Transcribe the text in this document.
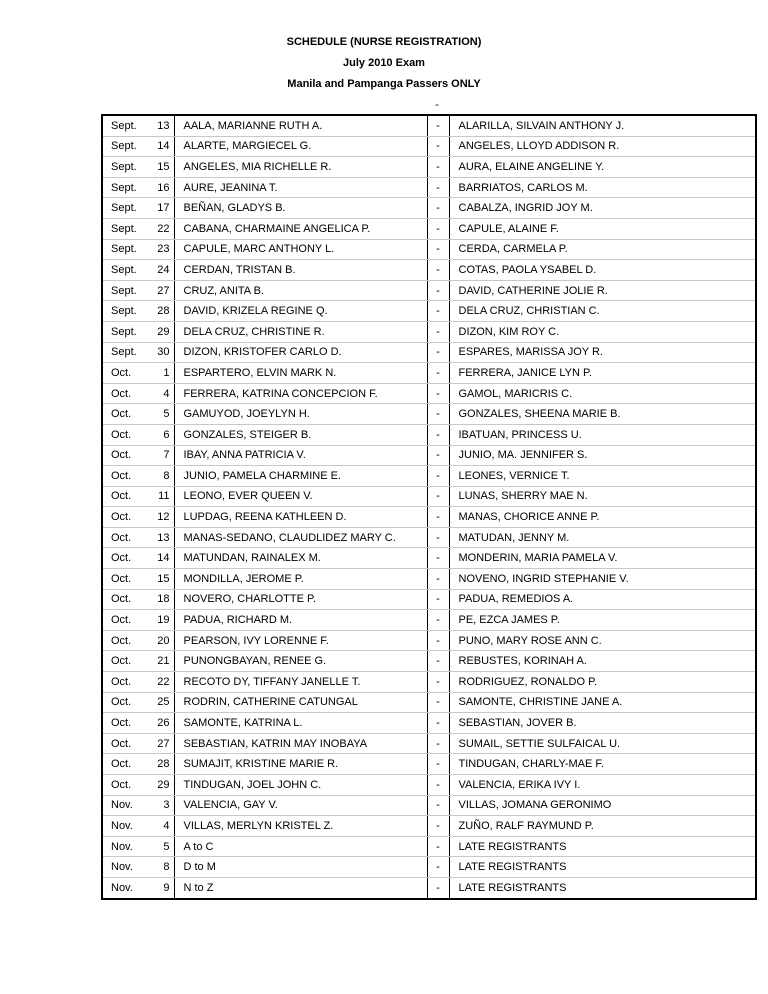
SCHEDULE (NURSE REGISTRATION)
July 2010 Exam
Manila and Pampanga Passers ONLY
-
Sept.	13	AALA, MARIANNE RUTH A.	-	ALARILLA, SILVAIN ANTHONY J.
Sept.	14	ALARTE, MARGIECEL G.	-	ANGELES, LLOYD ADDISON R.
Sept.	15	ANGELES, MIA RICHELLE R.	-	AURA, ELAINE ANGELINE Y.
Sept.	16	AURE, JEANINA T.	-	BARRIATOS, CARLOS M.
Sept.	17	BEÑAN, GLADYS B.	-	CABALZA, INGRID JOY M.
Sept.	22	CABANA, CHARMAINE ANGELICA P.	-	CAPULE, ALAINE F.
Sept.	23	CAPULE, MARC ANTHONY L.	-	CERDA, CARMELA P.
Sept.	24	CERDAN, TRISTAN B.	-	COTAS, PAOLA YSABEL D.
Sept.	27	CRUZ, ANITA B.	-	DAVID, CATHERINE JOLIE R.
Sept.	28	DAVID, KRIZELA REGINE Q.	-	DELA CRUZ, CHRISTIAN C.
Sept.	29	DELA CRUZ, CHRISTINE R.	-	DIZON, KIM ROY C.
Sept.	30	DIZON, KRISTOFER CARLO D.	-	ESPARES, MARISSA JOY R.
Oct.	1	ESPARTERO, ELVIN MARK N.	-	FERRERA, JANICE LYN P.
Oct.	4	FERRERA, KATRINA CONCEPCION F.	-	GAMOL, MARICRIS C.
Oct.	5	GAMUYOD, JOEYLYN H.	-	GONZALES, SHEENA MARIE B.
Oct.	6	GONZALES, STEIGER B.	-	IBATUAN, PRINCESS U.
Oct.	7	IBAY, ANNA PATRICIA V.	-	JUNIO, MA. JENNIFER S.
Oct.	8	JUNIO, PAMELA CHARMINE E.	-	LEONES, VERNICE T.
Oct.	11	LEONO, EVER QUEEN V.	-	LUNAS, SHERRY MAE N.
Oct.	12	LUPDAG, REENA KATHLEEN D.	-	MANAS, CHORICE ANNE P.
Oct.	13	MANAS-SEDANO, CLAUDLIDEZ MARY C.	-	MATUDAN, JENNY M.
Oct.	14	MATUNDAN, RAINALEX M.	-	MONDERIN, MARIA PAMELA V.
Oct.	15	MONDILLA, JEROME P.	-	NOVENO, INGRID STEPHANIE V.
Oct.	18	NOVERO, CHARLOTTE P.	-	PADUA, REMEDIOS A.
Oct.	19	PADUA, RICHARD M.	-	PE, EZCA JAMES P.
Oct.	20	PEARSON, IVY LORENNE F.	-	PUNO, MARY ROSE ANN C.
Oct.	21	PUNONGBAYAN, RENEE G.	-	REBUSTES, KORINAH A.
Oct.	22	RECOTO DY, TIFFANY JANELLE T.	-	RODRIGUEZ, RONALDO P.
Oct.	25	RODRIN, CATHERINE CATUNGAL	-	SAMONTE, CHRISTINE JANE A.
Oct.	26	SAMONTE, KATRINA L.	-	SEBASTIAN, JOVER B.
Oct.	27	SEBASTIAN, KATRIN MAY INOBAYA	-	SUMAIL, SETTIE SULFAICAL U.
Oct.	28	SUMAJIT, KRISTINE MARIE R.	-	TINDUGAN, CHARLY-MAE F.
Oct.	29	TINDUGAN, JOEL JOHN C.	-	VALENCIA, ERIKA IVY I.
Nov.	3	VALENCIA, GAY V.	-	VILLAS, JOMANA GERONIMO
Nov.	4	VILLAS, MERLYN KRISTEL Z.	-	ZUÑO, RALF RAYMUND P.
Nov.	5	A to C	-	LATE REGISTRANTS
Nov.	8	D to M	-	LATE REGISTRANTS
Nov.	9	N to Z	-	LATE REGISTRANTS
